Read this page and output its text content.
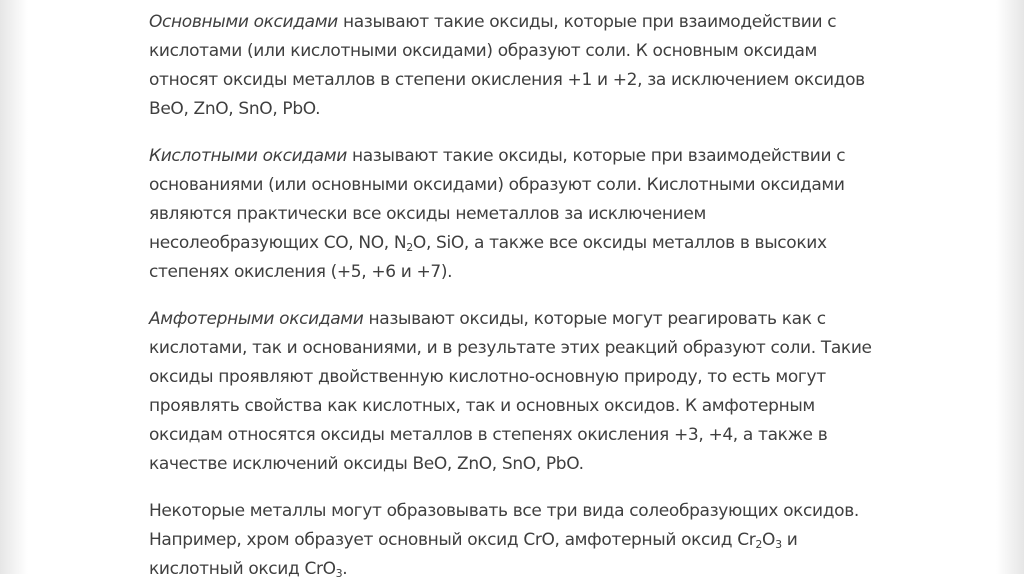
Основными оксидами называют такие оксиды, которые при взаимодействии с
кислотами (или кислотными оксидами) образуют соли. К основным оксидам
относят оксиды металлов в степени окисления +1 и +2, за исключением оксидов
BeO, ZnO, SnO, PbO.

Кислотными оксидами называют такие оксиды, которые при взаимодействии с
основаниями (или основными оксидами) образуют соли. Кислотными оксидами
являются практически все оксиды неметаллов за исключением
несолеобразующих CO, NO, $N_2O$, SiO, а также все оксиды металлов в высоких
степенях окисления (+5, +6 и +7).

Амфотерными оксидами называют оксиды, которые могут реагировать как с
кислотами, так и основаниями, и в результате этих реакций образуют соли. Такие
оксиды проявляют двойственную кислотно-основную природу, то есть могут
проявлять свойства как кислотных, так и основных оксидов. К амфотерным
оксидам относятся оксиды металлов в степенях окисления +3, +4, а также в
качестве исключений оксиды BeO, ZnO, SnO, PbO.

Некоторые металлы могут образовывать все три вида солеобразующих оксидов.
Например, хром образует основный оксид CrO, амфотерный оксид $Cr_2O_3$ и
кислотный оксид CrO$_3$.
